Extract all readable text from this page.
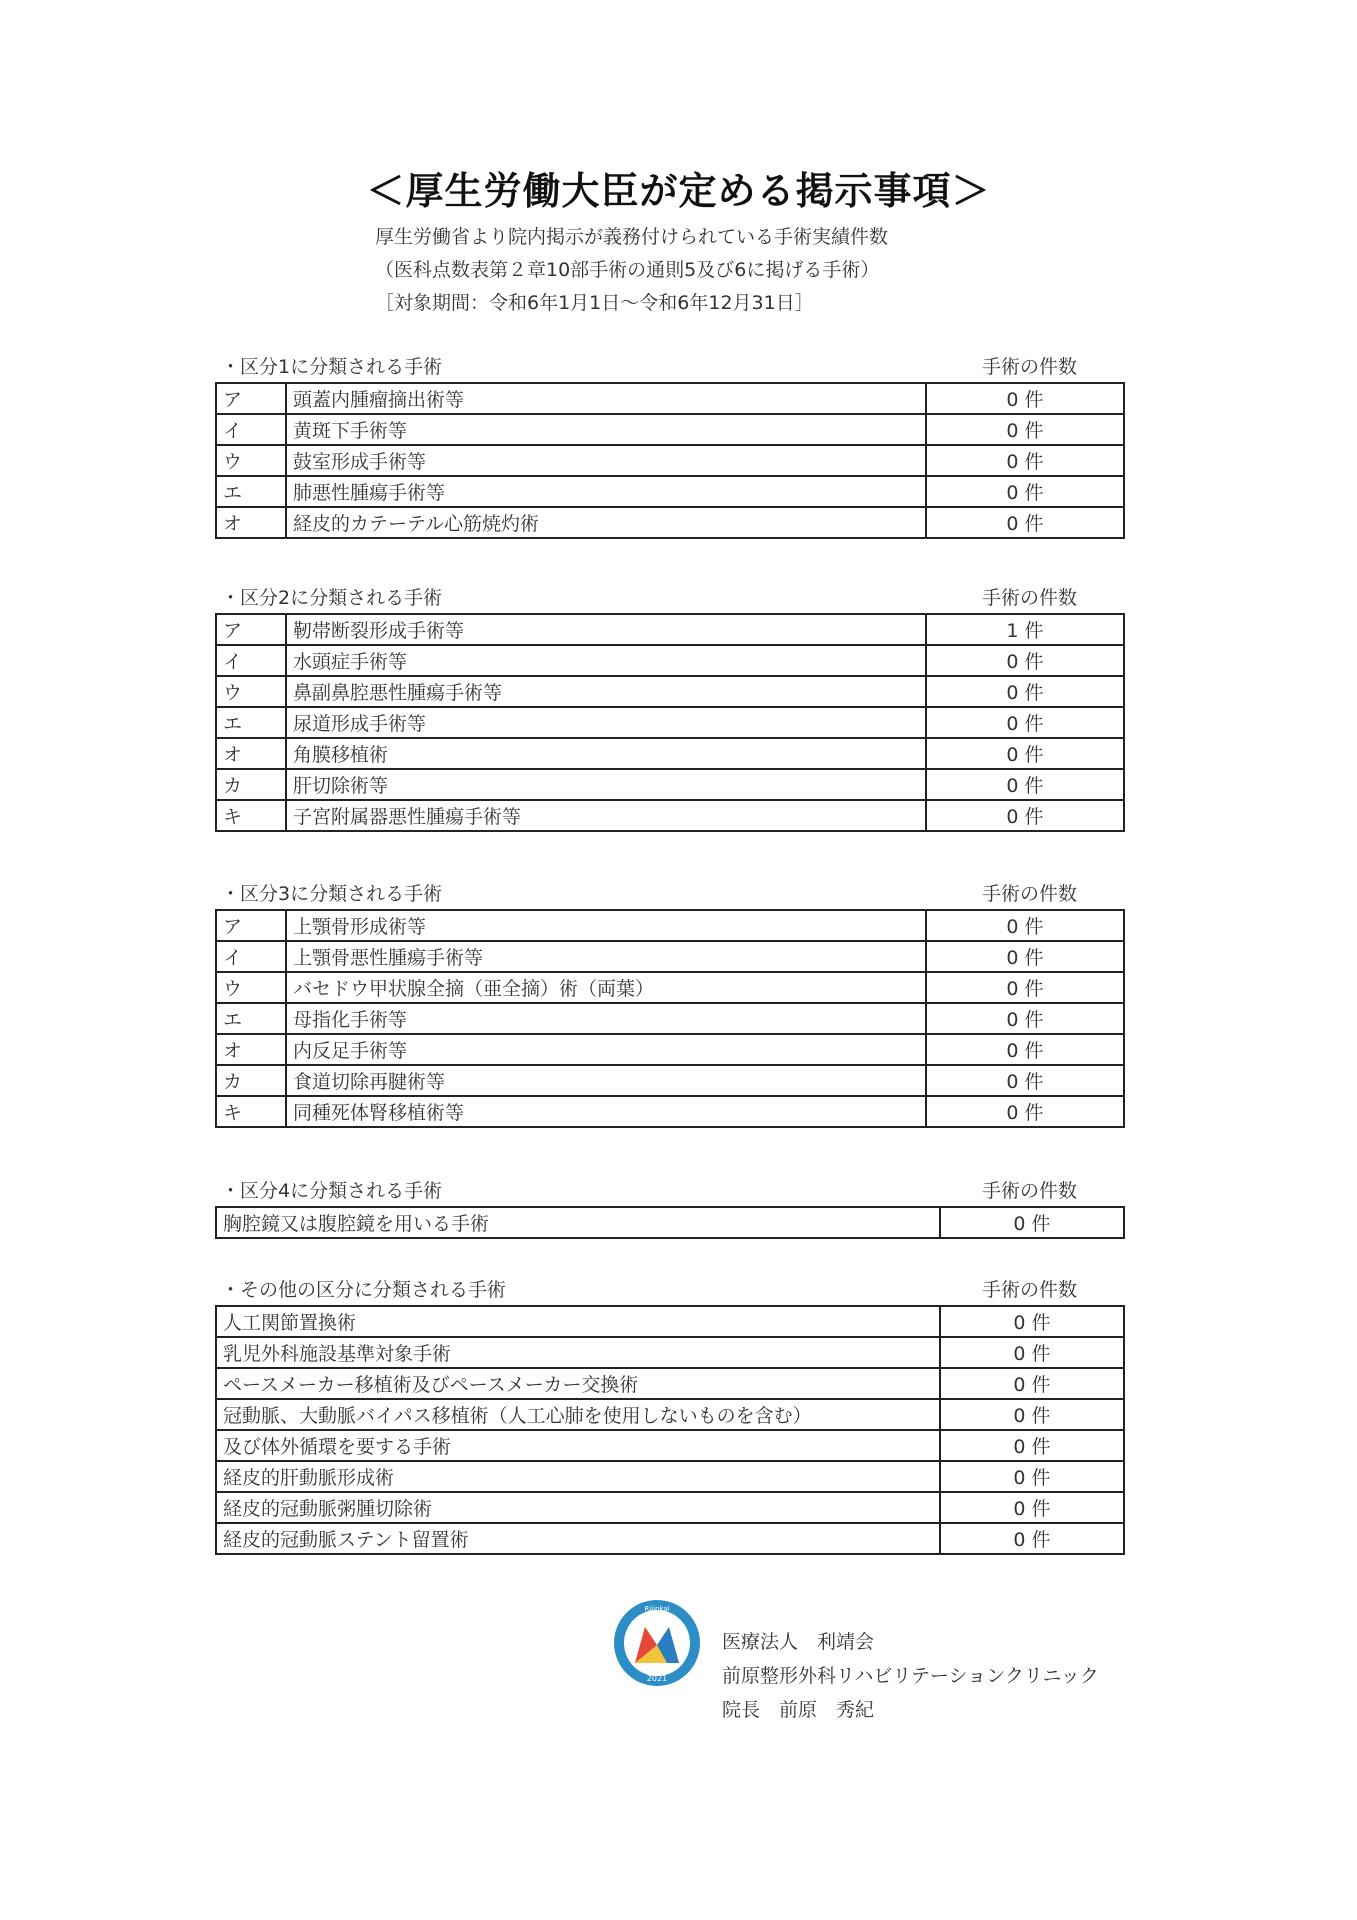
＜厚生労働大臣が定める掲示事項＞
厚生労働省より院内掲示が義務付けられている手術実績件数
（医科点数表第２章10部手術の通則5及び6に掲げる手術）
［対象期間：令和6年1月1日～令和6年12月31日］
・区分1に分類される手術	手術の件数
ア	頭蓋内腫瘤摘出術等	0 件
イ	黄斑下手術等	0 件
ウ	鼓室形成手術等	0 件
エ	肺悪性腫瘍手術等	0 件
オ	経皮的カテーテル心筋焼灼術	0 件
・区分2に分類される手術	手術の件数
ア	靭帯断裂形成手術等	1 件
イ	水頭症手術等	0 件
ウ	鼻副鼻腔悪性腫瘍手術等	0 件
エ	尿道形成手術等	0 件
オ	角膜移植術	0 件
カ	肝切除術等	0 件
キ	子宮附属器悪性腫瘍手術等	0 件
・区分3に分類される手術	手術の件数
ア	上顎骨形成術等	0 件
イ	上顎骨悪性腫瘍手術等	0 件
ウ	バセドウ甲状腺全摘（亜全摘）術（両葉）	0 件
エ	母指化手術等	0 件
オ	内反足手術等	0 件
カ	食道切除再腱術等	0 件
キ	同種死体腎移植術等	0 件
・区分4に分類される手術	手術の件数
胸腔鏡又は腹腔鏡を用いる手術	0 件
・その他の区分に分類される手術	手術の件数
人工関節置換術	0 件
乳児外科施設基準対象手術	0 件
ペースメーカー移植術及びペースメーカー交換術	0 件
冠動脈、大動脈バイパス移植術（人工心肺を使用しないものを含む）	0 件
及び体外循環を要する手術	0 件
経皮的肝動脈形成術	0 件
経皮的冠動脈粥腫切除術	0 件
経皮的冠動脈ステント留置術	0 件
Rijinkai
2021
医療法人　利靖会
前原整形外科リハビリテーションクリニック
院長　前原　秀紀
